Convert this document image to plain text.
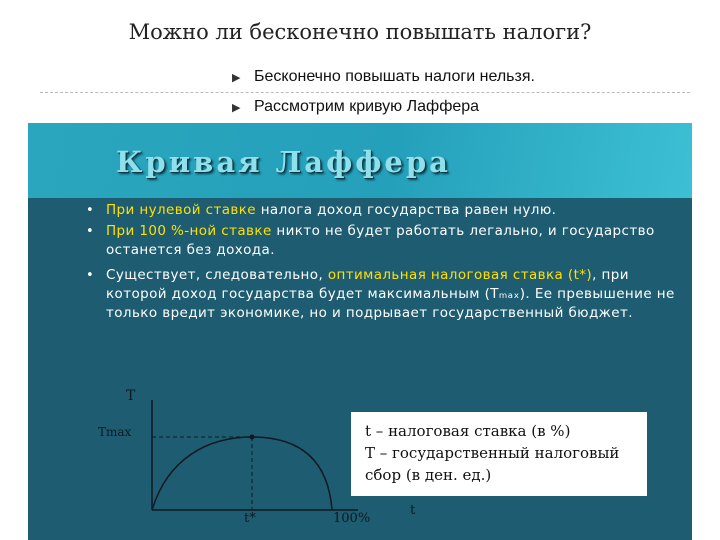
Можно ли бесконечно повышать налоги?
▶ Бесконечно повышать налоги нельзя.
▶ Рассмотрим кривую Лаффера
Кривая Лаффера
• При нулевой ставке налога доход государства равен нулю.
• При 100 %-ной ставке никто не будет работать легально, и государство останется без дохода.
• Существует, следовательно, оптимальная налоговая ставка (t*), при которой доход государства будет максимальным (Tₘₐₓ). Ее превышение не только вредит экономике, но и подрывает государственный бюджет.
T
Tmax
t*	100%
t
t – налоговая ставка (в %)
T – государственный налоговый сбор (в ден. ед.)
